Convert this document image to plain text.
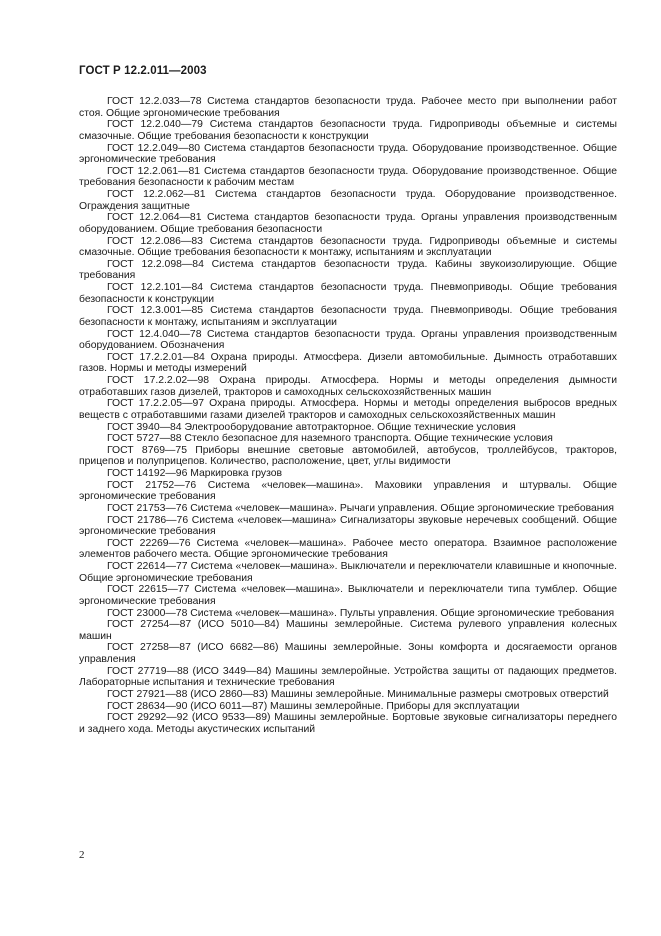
ГОСТ Р 12.2.011—2003

ГОСТ 12.2.033—78 Система стандартов безопасности труда. Рабочее место при выполнении работ стоя. Общие эргономические требования

ГОСТ 12.2.040—79 Система стандартов безопасности труда. Гидроприводы объемные и системы смазочные. Общие требования безопасности к конструкции

ГОСТ 12.2.049—80 Система стандартов безопасности труда. Оборудование производственное. Общие эргономические требования

ГОСТ 12.2.061—81 Система стандартов безопасности труда. Оборудование производственное. Общие требования безопасности к рабочим местам

ГОСТ 12.2.062—81 Система стандартов безопасности труда. Оборудование производственное. Ограждения защитные

ГОСТ 12.2.064—81 Система стандартов безопасности труда. Органы управления производственным оборудованием. Общие требования безопасности

ГОСТ 12.2.086—83 Система стандартов безопасности труда. Гидроприводы объемные и системы смазочные. Общие требования безопасности к монтажу, испытаниям и эксплуатации

ГОСТ 12.2.098—84 Система стандартов безопасности труда. Кабины звукоизолирующие. Общие требования

ГОСТ 12.2.101—84 Система стандартов безопасности труда. Пневмоприводы. Общие требования безопасности к конструкции

ГОСТ 12.3.001—85 Система стандартов безопасности труда. Пневмоприводы. Общие требования безопасности к монтажу, испытаниям и эксплуатации

ГОСТ 12.4.040—78 Система стандартов безопасности труда. Органы управления производственным оборудованием. Обозначения

ГОСТ 17.2.2.01—84 Охрана природы. Атмосфера. Дизели автомобильные. Дымность отработавших газов. Нормы и методы измерений

ГОСТ 17.2.2.02—98 Охрана природы. Атмосфера. Нормы и методы определения дымности отработавших газов дизелей, тракторов и самоходных сельскохозяйственных машин

ГОСТ 17.2.2.05—97 Охрана природы. Атмосфера. Нормы и методы определения выбросов вредных веществ с отработавшими газами дизелей тракторов и самоходных сельскохозяйственных машин

ГОСТ 3940—84 Электрооборудование автотракторное. Общие технические условия

ГОСТ 5727—88 Стекло безопасное для наземного транспорта. Общие технические условия

ГОСТ 8769—75 Приборы внешние световые автомобилей, автобусов, троллейбусов, тракторов, прицепов и полуприцепов. Количество, расположение, цвет, углы видимости

ГОСТ 14192—96 Маркировка грузов

ГОСТ 21752—76 Система «человек—машина». Маховики управления и штурвалы. Общие эргономические требования

ГОСТ 21753—76 Система «человек—машина». Рычаги управления. Общие эргономические требования

ГОСТ 21786—76 Система «человек—машина» Сигнализаторы звуковые неречевых сообщений. Общие эргономические требования

ГОСТ 22269—76 Система «человек—машина». Рабочее место оператора. Взаимное расположение элементов рабочего места. Общие эргономические требования

ГОСТ 22614—77 Система «человек—машина». Выключатели и переключатели клавишные и кнопочные. Общие эргономические требования

ГОСТ 22615—77 Система «человек—машина». Выключатели и переключатели типа тумблер. Общие эргономические требования

ГОСТ 23000—78 Система «человек—машина». Пульты управления. Общие эргономические требования

ГОСТ 27254—87 (ИСО 5010—84) Машины землеройные. Система рулевого управления колесных машин

ГОСТ 27258—87 (ИСО 6682—86) Машины землеройные. Зоны комфорта и досягаемости органов управления

ГОСТ 27719—88 (ИСО 3449—84) Машины землеройные. Устройства защиты от падающих предметов. Лабораторные испытания и технические требования

ГОСТ 27921—88 (ИСО 2860—83) Машины землеройные. Минимальные размеры смотровых отверстий

ГОСТ 28634—90 (ИСО 6011—87) Машины землеройные. Приборы для эксплуатации

ГОСТ 29292—92 (ИСО 9533—89) Машины землеройные. Бортовые звуковые сигнализаторы переднего и заднего хода. Методы акустических испытаний

2
